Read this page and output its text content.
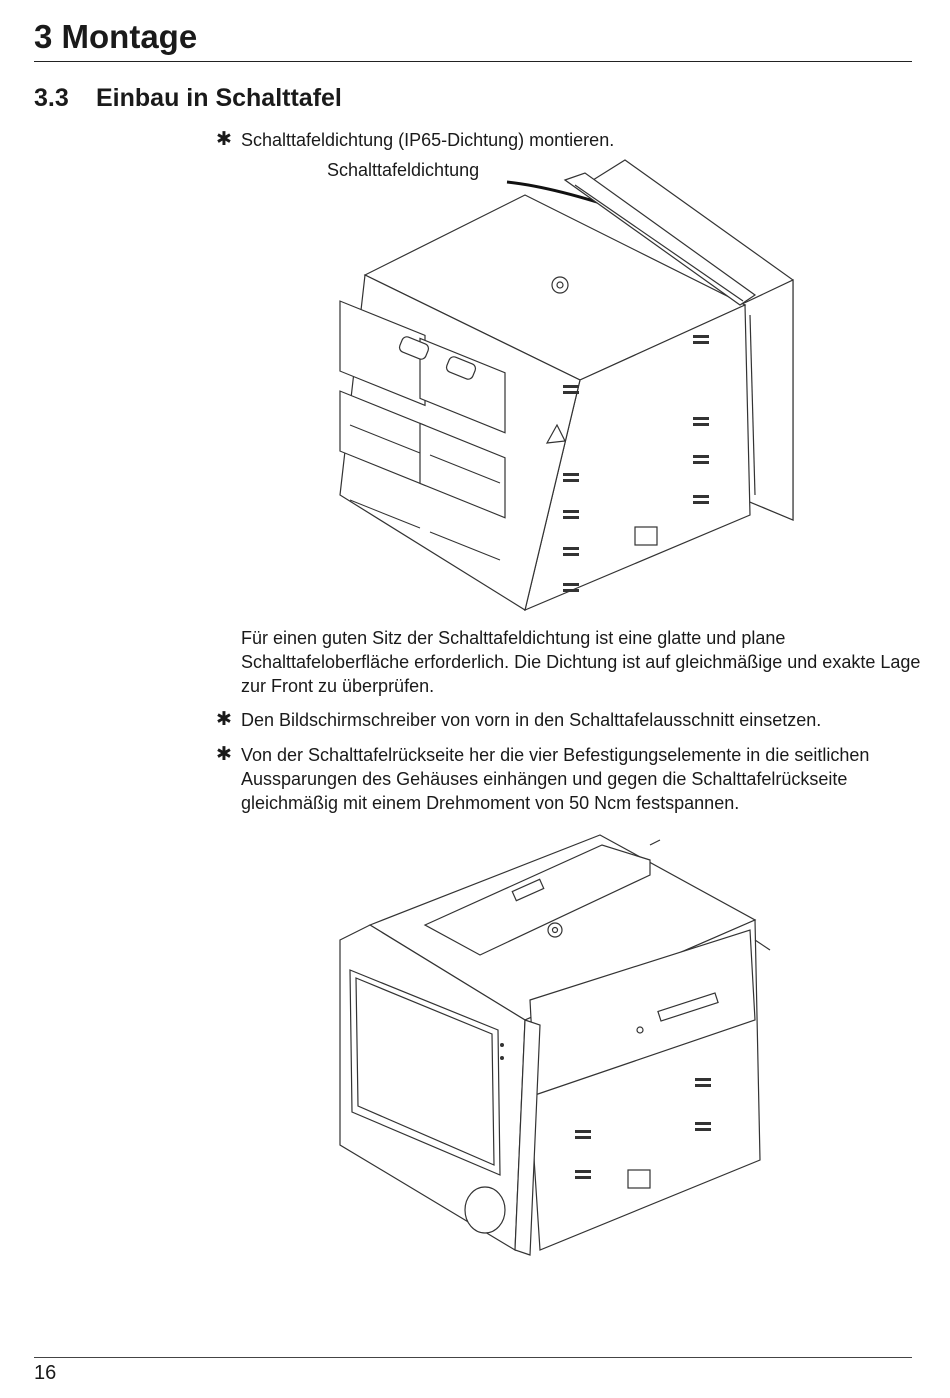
3 Montage
3.3 Einbau in Schalttafel
✱ Schalttafeldichtung (IP65-Dichtung) montieren.
Schalttafeldichtung
Für einen guten Sitz der Schalttafeldichtung ist eine glatte und plane Schalttafeloberfläche erforderlich. Die Dichtung ist auf gleichmäßige und exakte Lage zur Front zu überprüfen.
✱ Den Bildschirmschreiber von vorn in den Schalttafelausschnitt einsetzen.
✱ Von der Schalttafelrückseite her die vier Befestigungselemente in die seitlichen Aussparungen des Gehäuses einhängen und gegen die Schalttafelrückseite gleichmäßig mit einem Drehmoment von 50 Ncm festspannen.
16
